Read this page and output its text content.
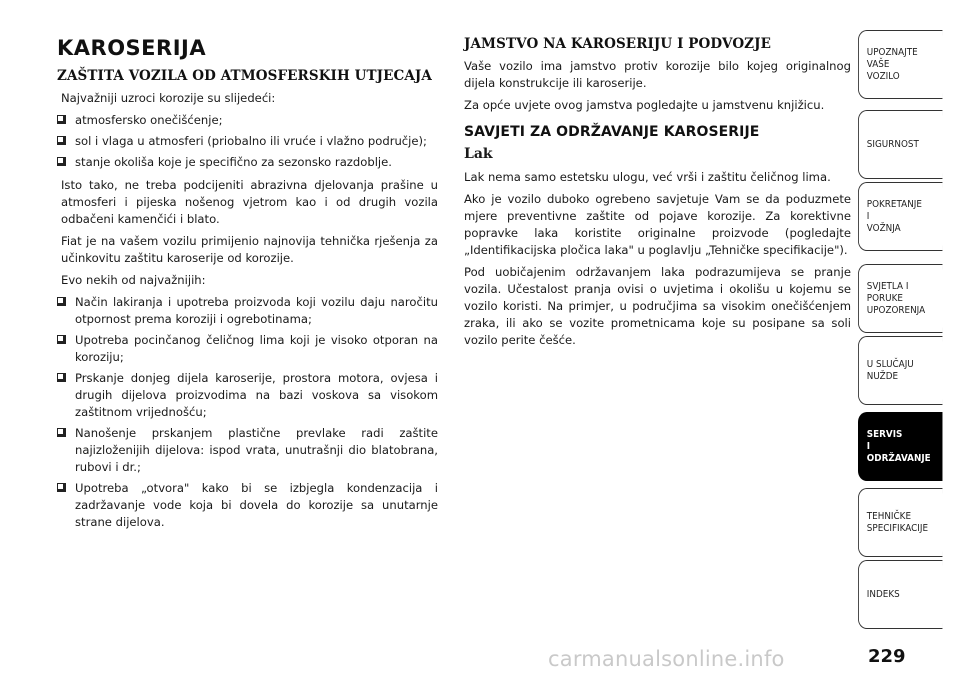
KAROSERIJA
ZAŠTITA VOZILA OD ATMOSFERSKIH UTJECAJA

Najvažniji uzroci korozije su slijedeći:

atmosfersko onečišćenje;
sol i vlaga u atmosferi (priobalno ili vruće i vlažno područje);
stanje okoliša koje je specifično za sezonsko razdoblje.

Isto tako, ne treba podcijeniti abrazivna djelovanja prašine u atmosferi i pijeska nošenog vjetrom kao i od drugih vozila odbačeni kamenčići i blato.

Fiat je na vašem vozilu primijenio najnovija tehnička rješenja za učinkovitu zaštitu karoserije od korozije.

Evo nekih od najvažnijih:

Način lakiranja i upotreba proizvoda koji vozilu daju naročitu otpornost prema koroziji i ogrebotinama;
Upotreba pocinčanog čeličnog lima koji je visoko otporan na koroziju;
Prskanje donjeg dijela karoserije, prostora motora, ovjesa i drugih dijelova proizvodima na bazi voskova sa visokom zaštitnom vrijednošću;
Nanošenje prskanjem plastične prevlake radi zaštite najizloženijih dijelova: ispod vrata, unutrašnji dio blatobrana, rubovi i dr.;
Upotreba „otvora" kako bi se izbjegla kondenzacija i zadržavanje vode koja bi dovela do korozije sa unutarnje strane dijelova.
JAMSTVO NA KAROSERIJU I PODVOZJE

Vaše vozilo ima jamstvo protiv korozije bilo kojeg originalnog dijela konstrukcije ili karoserije.

Za opće uvjete ovog jamstva pogledajte u jamstvenu knjižicu.

SAVJETI ZA ODRŽAVANJE KAROSERIJE
Lak

Lak nema samo estetsku ulogu, već vrši i zaštitu čeličnog lima.

Ako je vozilo duboko ogrebeno savjetuje Vam se da poduzmete mjere preventivne zaštite od pojave korozije. Za korektivne popravke laka koristite originalne proizvode (pogledajte „Identifikacijska pločica laka" u poglavlju „Tehničke specifikacije").

Pod uobičajenim održavanjem laka podrazumijeva se pranje vozila. Učestalost pranja ovisi o uvjetima i okolišu u kojemu se vozilo koristi. Na primjer, u područjima sa visokim onečišćenjem zraka, ili ako se vozite prometnicama koje su posipane sa soli vozilo perite češće.

UPOZNAJTE
VAŠE
VOZILO
SIGURNOST
POKRETANJE
I
VOŽNJA
SVJETLA I
PORUKE
UPOZORENJA
U SLUČAJU
NUŽDE
SERVIS
I
ODRŽAVANJE
TEHNIČKE
SPECIFIKACIJE
INDEKS
carmanualsonline.info	229
